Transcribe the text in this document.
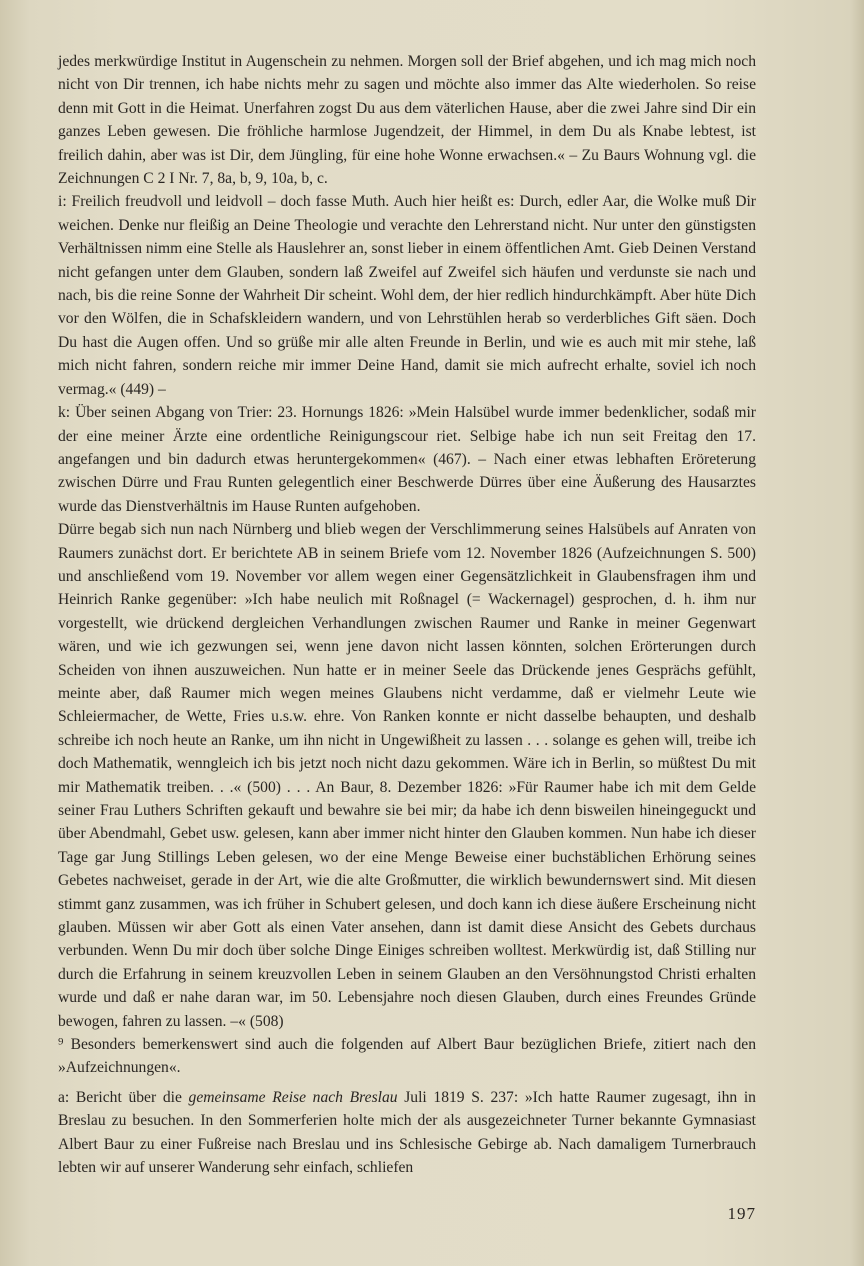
jedes merkwürdige Institut in Augenschein zu nehmen. Morgen soll der Brief abgehen, und ich mag mich noch nicht von Dir trennen, ich habe nichts mehr zu sagen und möchte also immer das Alte wiederholen. So reise denn mit Gott in die Heimat. Unerfahren zogst Du aus dem väterlichen Hause, aber die zwei Jahre sind Dir ein ganzes Leben gewesen. Die fröhliche harmlose Jugendzeit, der Himmel, in dem Du als Knabe lebtest, ist freilich dahin, aber was ist Dir, dem Jüngling, für eine hohe Wonne erwachsen.« – Zu Baurs Wohnung vgl. die Zeichnungen C 2 I Nr. 7, 8a, b, 9, 10a, b, c.

i: Freilich freudvoll und leidvoll – doch fasse Muth. Auch hier heißt es: Durch, edler Aar, die Wolke muß Dir weichen. Denke nur fleißig an Deine Theologie und verachte den Lehrerstand nicht. Nur unter den günstigsten Verhältnissen nimm eine Stelle als Hauslehrer an, sonst lieber in einem öffentlichen Amt. Gieb Deinen Verstand nicht gefangen unter dem Glauben, sondern laß Zweifel auf Zweifel sich häufen und verdunste sie nach und nach, bis die reine Sonne der Wahrheit Dir scheint. Wohl dem, der hier redlich hindurchkämpft. Aber hüte Dich vor den Wölfen, die in Schafskleidern wandern, und von Lehrstühlen herab so verderbliches Gift säen. Doch Du hast die Augen offen. Und so grüße mir alle alten Freunde in Berlin, und wie es auch mit mir stehe, laß mich nicht fahren, sondern reiche mir immer Deine Hand, damit sie mich aufrecht erhalte, soviel ich noch vermag.« (449) –

k: Über seinen Abgang von Trier: 23. Hornungs 1826: »Mein Halsübel wurde immer bedenklicher, sodaß mir der eine meiner Ärzte eine ordentliche Reinigungscour riet. Selbige habe ich nun seit Freitag den 17. angefangen und bin dadurch etwas heruntergekommen« (467). – Nach einer etwas lebhaften Eröreterung zwischen Dürre und Frau Runten gelegentlich einer Beschwerde Dürres über eine Äußerung des Hausarztes wurde das Dienstverhältnis im Hause Runten aufgehoben.

Dürre begab sich nun nach Nürnberg und blieb wegen der Verschlimmerung seines Halsübels auf Anraten von Raumers zunächst dort. Er berichtete AB in seinem Briefe vom 12. November 1826 (Aufzeichnungen S. 500) und anschließend vom 19. November vor allem wegen einer Gegensätzlichkeit in Glaubensfragen ihm und Heinrich Ranke gegenüber: »Ich habe neulich mit Roßnagel (= Wackernagel) gesprochen, d. h. ihm nur vorgestellt, wie drückend dergleichen Verhandlungen zwischen Raumer und Ranke in meiner Gegenwart wären, und wie ich gezwungen sei, wenn jene davon nicht lassen könnten, solchen Erörterungen durch Scheiden von ihnen auszuweichen. Nun hatte er in meiner Seele das Drückende jenes Gesprächs gefühlt, meinte aber, daß Raumer mich wegen meines Glaubens nicht verdamme, daß er vielmehr Leute wie Schleiermacher, de Wette, Fries u.s.w. ehre. Von Ranken konnte er nicht dasselbe behaupten, und deshalb schreibe ich noch heute an Ranke, um ihn nicht in Ungewißheit zu lassen . . . solange es gehen will, treibe ich doch Mathematik, wenngleich ich bis jetzt noch nicht dazu gekommen. Wäre ich in Berlin, so müßtest Du mit mir Mathematik treiben. . .« (500) . . . An Baur, 8. Dezember 1826: »Für Raumer habe ich mit dem Gelde seiner Frau Luthers Schriften gekauft und bewahre sie bei mir; da habe ich denn bisweilen hineingeguckt und über Abendmahl, Gebet usw. gelesen, kann aber immer nicht hinter den Glauben kommen. Nun habe ich dieser Tage gar Jung Stillings Leben gelesen, wo der eine Menge Beweise einer buchstäblichen Erhörung seines Gebetes nachweiset, gerade in der Art, wie die alte Großmutter, die wirklich bewundernswert sind. Mit diesen stimmt ganz zusammen, was ich früher in Schubert gelesen, und doch kann ich diese äußere Erscheinung nicht glauben. Müssen wir aber Gott als einen Vater ansehen, dann ist damit diese Ansicht des Gebets durchaus verbunden. Wenn Du mir doch über solche Dinge Einiges schreiben wolltest. Merkwürdig ist, daß Stilling nur durch die Erfahrung in seinem kreuzvollen Leben in seinem Glauben an den Versöhnungstod Christi erhalten wurde und daß er nahe daran war, im 50. Lebensjahre noch diesen Glauben, durch eines Freundes Gründe bewogen, fahren zu lassen. –« (508)

⁹ Besonders bemerkenswert sind auch die folgenden auf Albert Baur bezüglichen Briefe, zitiert nach den »Aufzeichnungen«.

a: Bericht über die gemeinsame Reise nach Breslau Juli 1819 S. 237: »Ich hatte Raumer zugesagt, ihn in Breslau zu besuchen. In den Sommerferien holte mich der als ausgezeichneter Turner bekannte Gymnasiast Albert Baur zu einer Fußreise nach Breslau und ins Schlesische Gebirge ab. Nach damaligem Turnerbrauch lebten wir auf unserer Wanderung sehr einfach, schliefen

197
